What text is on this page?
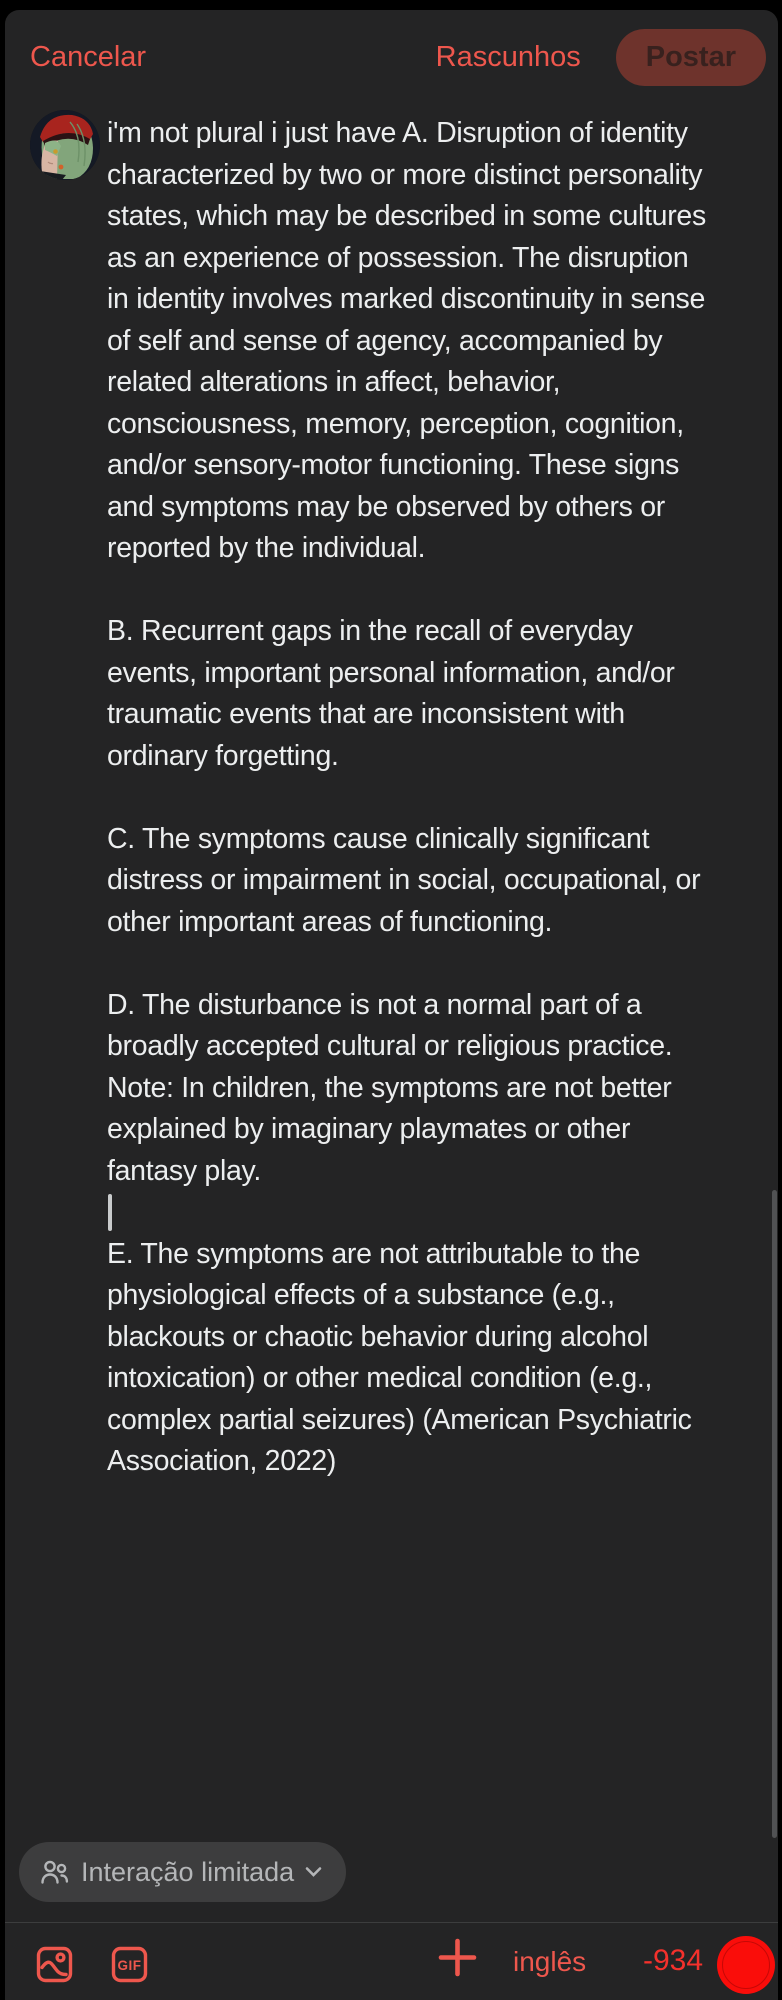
Cancelar	Rascunhos	Postar
i'm not plural i just have A. Disruption of identity characterized by two or more distinct personality states, which may be described in some cultures as an experience of possession. The disruption in identity involves marked discontinuity in sense of self and sense of agency, accompanied by related alterations in affect, behavior, consciousness, memory, perception, cognition, and/or sensory-motor functioning. These signs and symptoms may be observed by others or reported by the individual.
B. Recurrent gaps in the recall of everyday events, important personal information, and/or traumatic events that are inconsistent with ordinary forgetting.
C. The symptoms cause clinically significant distress or impairment in social, occupational, or other important areas of functioning.
D. The disturbance is not a normal part of a broadly accepted cultural or religious practice. Note: In children, the symptoms are not better explained by imaginary playmates or other fantasy play.
E. The symptoms are not attributable to the physiological effects of a substance (e.g., blackouts or chaotic behavior during alcohol intoxication) or other medical condition (e.g., complex partial seizures) (American Psychiatric Association, 2022)
Interação limitada
GIF	inglês	-934
